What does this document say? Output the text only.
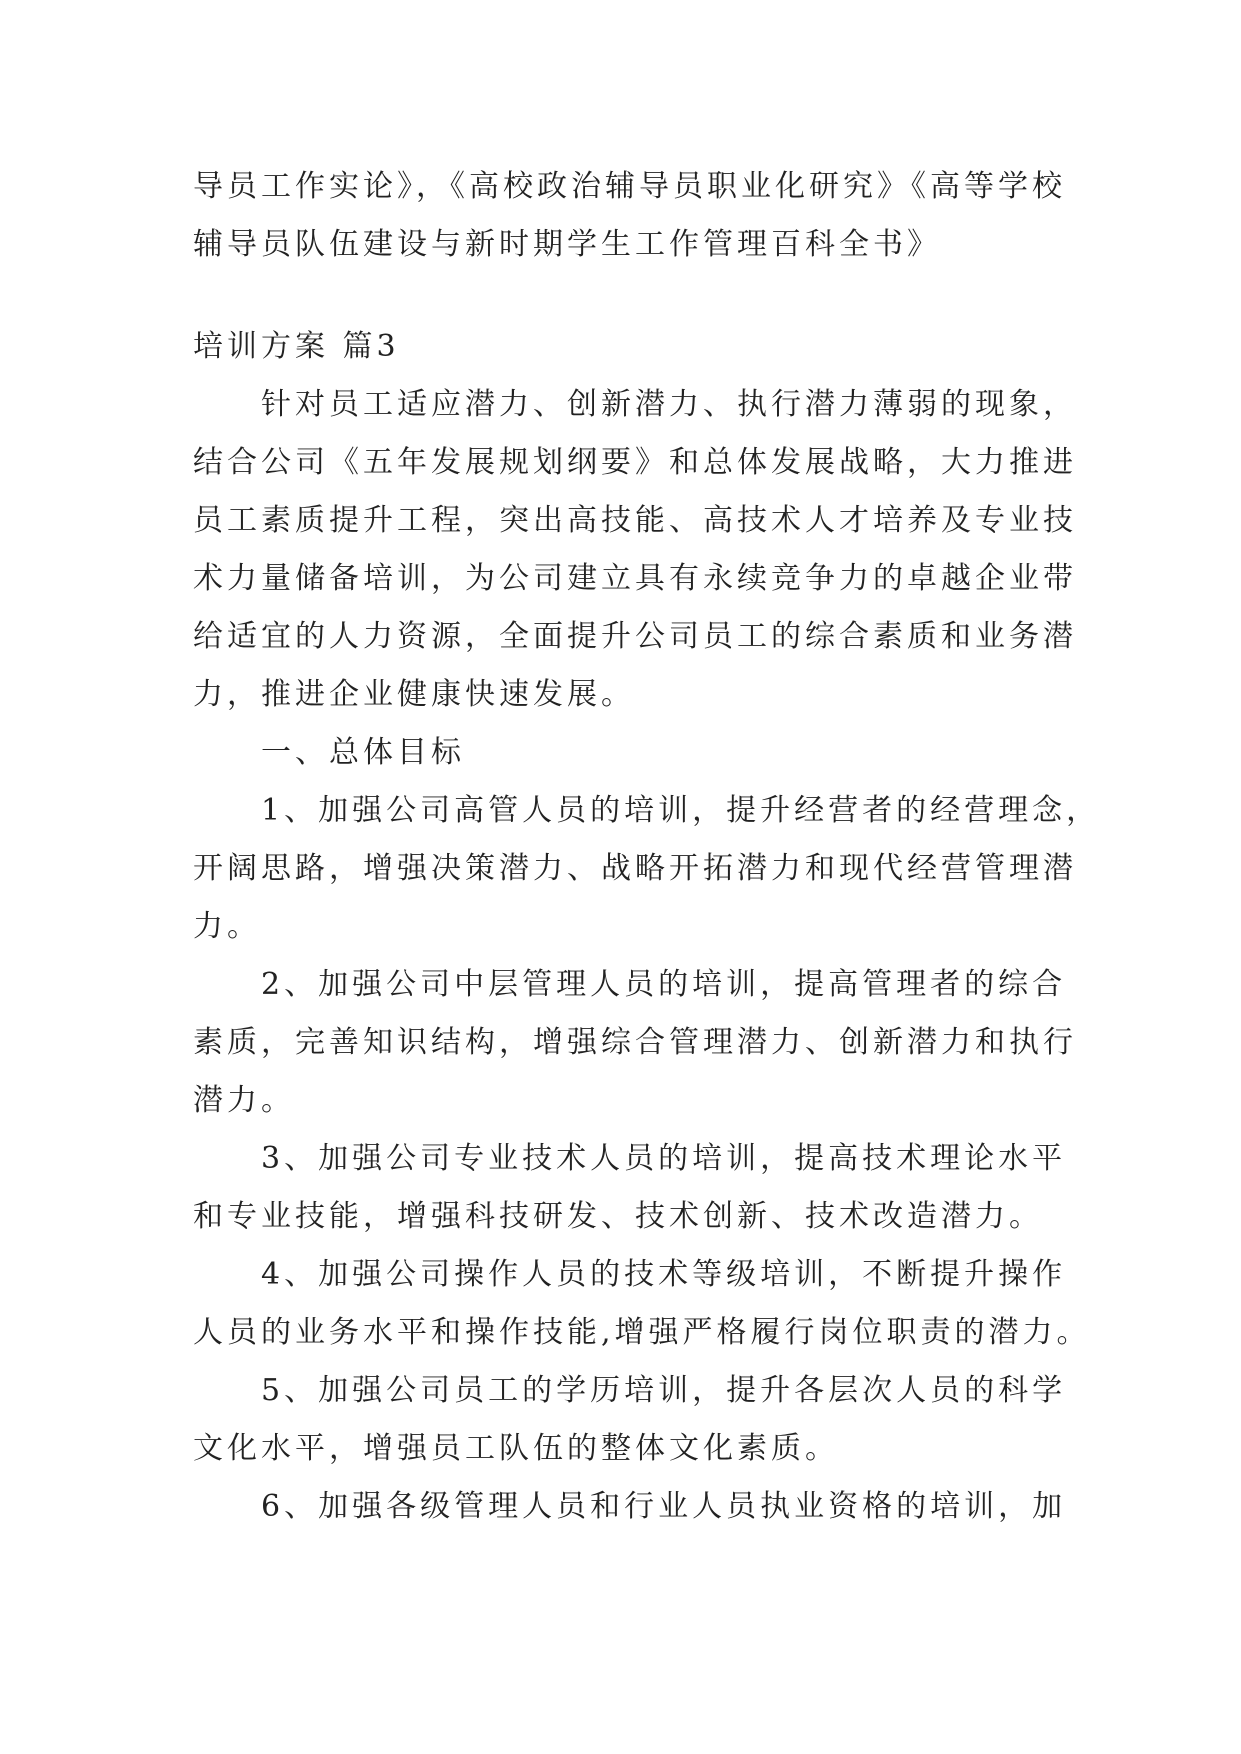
导员工作实论》，《高校政治辅导员职业化研究》《高等学校

辅导员队伍建设与新时期学生工作管理百科全书》

培训方案 篇3

针对员工适应潜力、创新潜力、执行潜力薄弱的现象，

结合公司《五年发展规划纲要》和总体发展战略，大力推进

员工素质提升工程，突出高技能、高技术人才培养及专业技

术力量储备培训，为公司建立具有永续竞争力的卓越企业带

给适宜的人力资源，全面提升公司员工的综合素质和业务潜

力，推进企业健康快速发展。

一、总体目标

1、加强公司高管人员的培训，提升经营者的经营理念，

开阔思路，增强决策潜力、战略开拓潜力和现代经营管理潜

力。

2、加强公司中层管理人员的培训，提高管理者的综合

素质，完善知识结构，增强综合管理潜力、创新潜力和执行

潜力。

3、加强公司专业技术人员的培训，提高技术理论水平

和专业技能，增强科技研发、技术创新、技术改造潜力。

4、加强公司操作人员的技术等级培训，不断提升操作

人员的业务水平和操作技能,增强严格履行岗位职责的潜力。

5、加强公司员工的学历培训，提升各层次人员的科学

文化水平，增强员工队伍的整体文化素质。

6、加强各级管理人员和行业人员执业资格的培训，加
